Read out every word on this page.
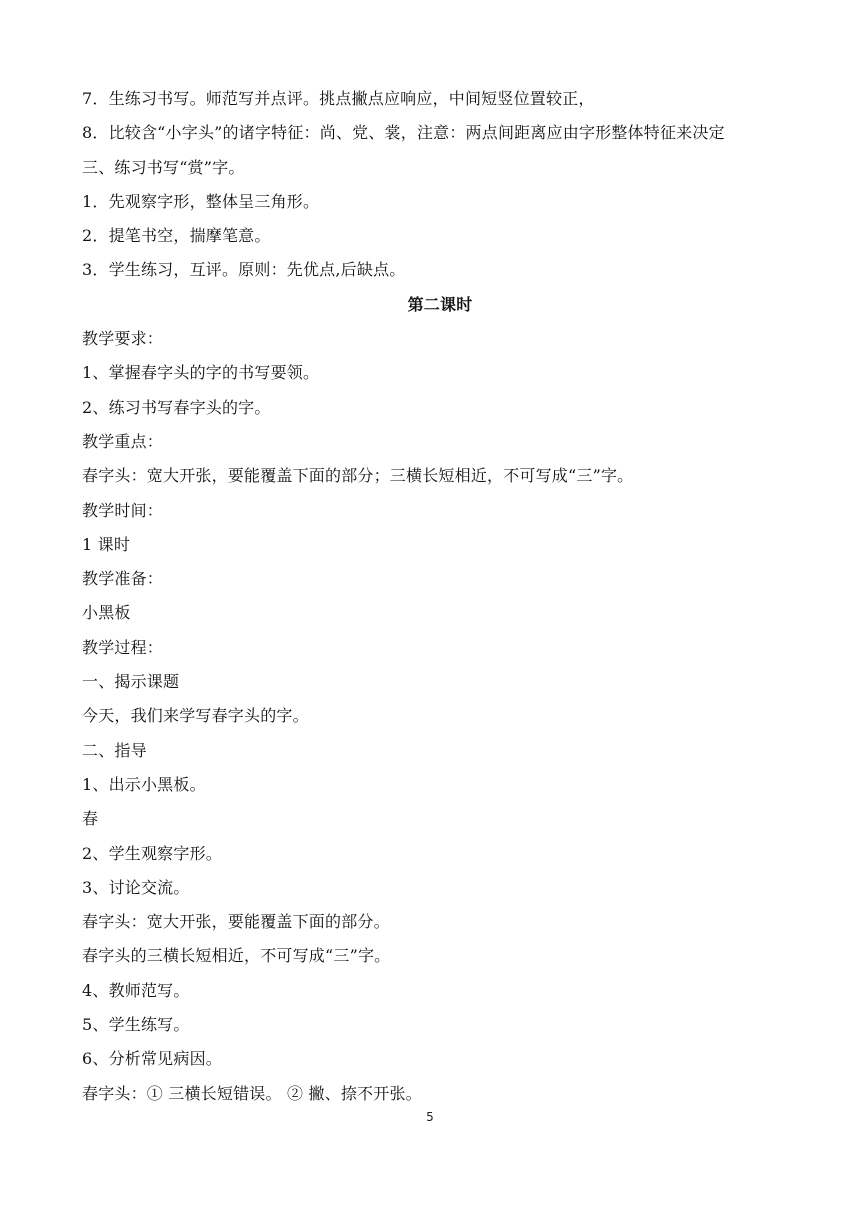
7．生练习书写。师范写并点评。挑点撇点应响应，中间短竖位置较正，
8．比较含“小字头”的诸字特征：尚、党、裳，注意：两点间距离应由字形整体特征来决定
三、练习书写“赏”字。
1．先观察字形，整体呈三角形。
2．提笔书空，揣摩笔意。
3．学生练习，互评。原则：先优点,后缺点。
第二课时
教学要求：
1、掌握春字头的字的书写要领。
2、练习书写春字头的字。
教学重点：
春字头：宽大开张，要能覆盖下面的部分；三横长短相近，不可写成“三”字。
教学时间：
1 课时
教学准备：
小黑板
教学过程：
一、揭示课题
今天，我们来学写春字头的字。
二、指导
1、出示小黑板。
春
2、学生观察字形。
3、讨论交流。
春字头：宽大开张，要能覆盖下面的部分。
春字头的三横长短相近，不可写成“三”字。
4、教师范写。
5、学生练写。
6、分析常见病因。
春字头：① 三横长短错误。 ② 撇、捺不开张。
5
